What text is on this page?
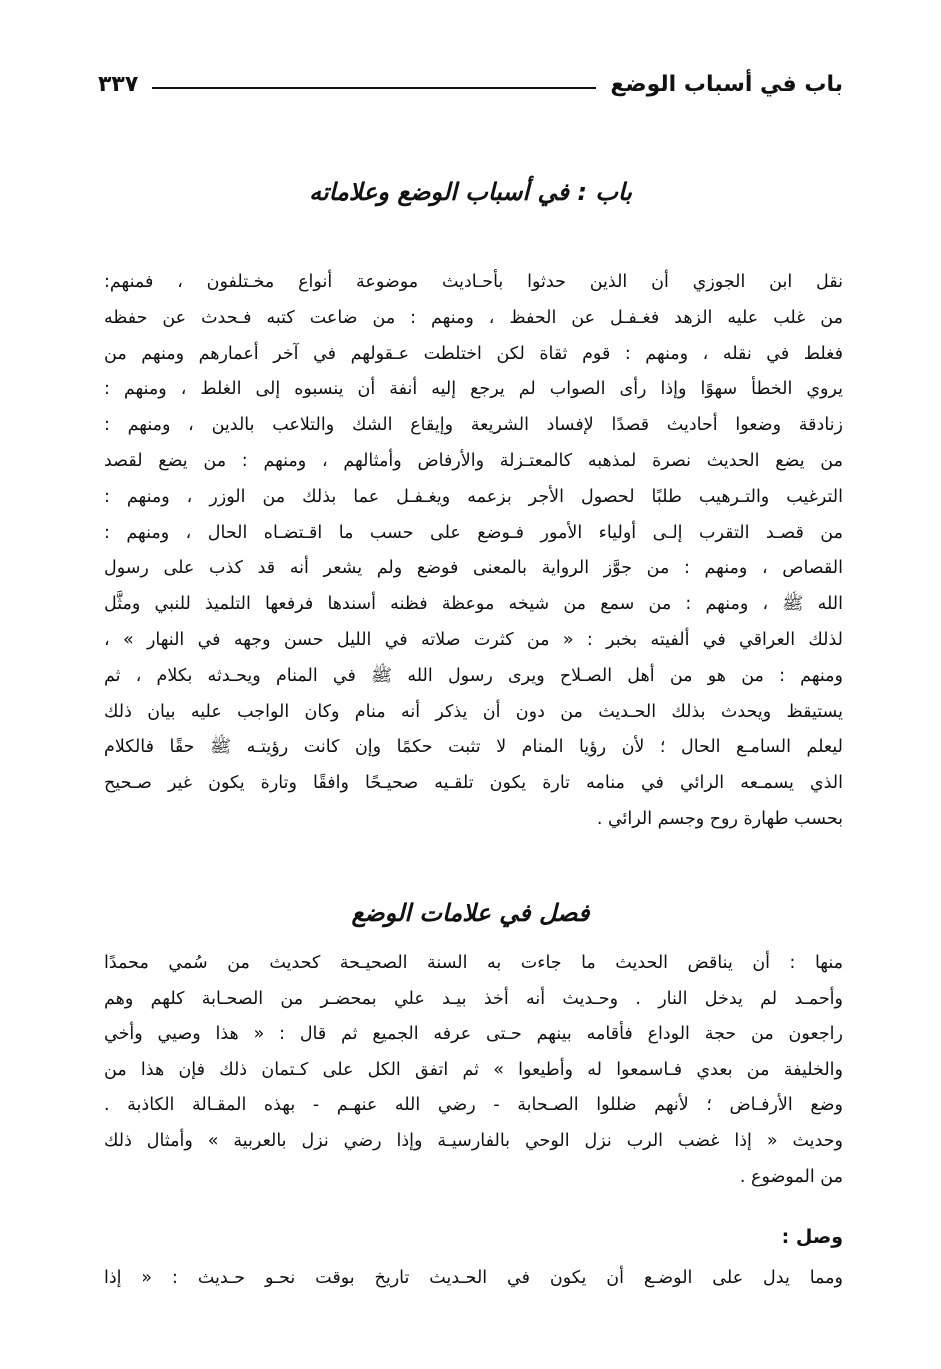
باب في أسباب الوضع
٣٣٧
باب : في أسباب الوضع وعلاماته

نقل ابن الجوزي أن الذين حدثوا بأحـاديث موضوعة أنواع مخـتلفون ، فمنهم:
من غلب عليه الزهد فغـفـل عن الحفظ ، ومنهم : من ضاعت كتبه فـحدث عن حفظه
فغلط في نقله ، ومنهم : قوم ثقاة لكن اختلطت عـقولهم في آخر أعمارهم ومنهم من
يروي الخطأ سهوًا وإذا رأى الصواب لم يرجع إليه أنفة أن ينسبوه إلى الغلط ، ومنهم :
زنادقة وضعوا أحاديث قصدًا لإفساد الشريعة وإيقاع الشك والتلاعب بالدين ، ومنهم :
من يضع الحديث نصرة لمذهبه كالمعتـزلة والأرفاض وأمثالهم ، ومنهم : من يضع لقصد
الترغيب والتـرهيب طلبًا لحصول الأجر بزعمه ويغـفـل عما بذلك من الوزر ، ومنهم :
من قصـد التقرب إلـى أولياء الأمور فـوضع على حسب ما اقـتضـاه الحال ، ومنهم :
القصاص ، ومنهم : من جوَّز الرواية بالمعنى فوضع ولم يشعر أنه قد كذب على رسول
الله ﷺ ، ومنهم : من سمع من شيخه موعظة فظنه أسندها فرفعها التلميذ للنبي ومثَّل
لذلك العراقي في ألفيته بخبر : « من كثرت صلاته في الليل حسن وجهه في النهار » ،
ومنهم : من هو من أهل الصـلاح ويرى رسول الله ﷺ في المنام ويحـدثه بكلام ، ثم
يستيقظ ويحدث بذلك الحـديث من دون أن يذكر أنه منام وكان الواجب عليه بيان ذلك
ليعلم السامـع الحال ؛ لأن رؤيا المنام لا تثبت حكمًا وإن كانت رؤيتـه ﷺ حقًا فالكلام
الذي يسمـعه الرائي في منامه تارة يكون تلقـيه صحيـحًا وافقًا وتارة يكون غير صـحيح
بحسب طهارة روح وجسم الرائي .

فصل في علامات الوضع

منها : أن يناقض الحديث ما جاءت به السنة الصحيـحة كحديث من سُمي محمدًا
وأحمـد لم يدخل النار . وحـديث أنه أخذ بيـد علي بمحضـر من الصحـابة كلهم وهم
راجعون من حجة الوداع فأقامه بينهم حـتى عرفه الجميع ثم قال : « هذا وصيي وأخي
والخليفة من بعدي فـاسمعوا له وأطيعوا » ثم اتفق الكل على كـتمان ذلك فإن هذا من
وضع الأرفـاض ؛ لأنهم ضللوا الصـحابة - رضي الله عنهـم - بهذه المقـالة الكاذبة .
وحديث « إذا غضب الرب نزل الوحي بالفارسيـة وإذا رضي نزل بالعربية » وأمثال ذلك
من الموضوع .

وصل :

ومما يدل على الوضـع أن يكون في الحـديث تاريخ بوقت نحـو حـديث : « إذا
